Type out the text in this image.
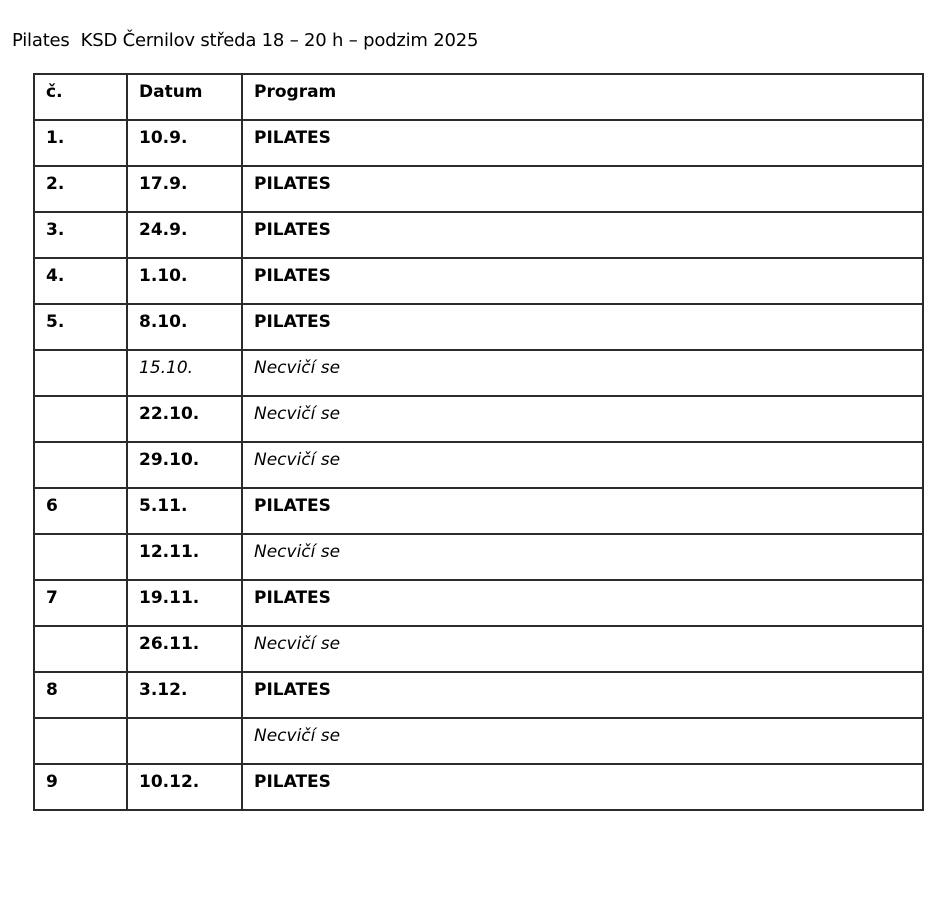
Pilates  KSD Černilov středa 18 – 20 h – podzim 2025
č.	Datum	Program

1.	10.9.	PILATES

2.	17.9.	PILATES

3.	24.9.	PILATES

4.	1.10.	PILATES

5.	8.10.	PILATES

	15.10.	Necvičí se

	22.10.	Necvičí se

	29.10.	Necvičí se

6	5.11.	PILATES

	12.11.	Necvičí se

7	19.11.	PILATES

	26.11.	Necvičí se

8	3.12.	PILATES

		Necvičí se

9	10.12.	PILATES
